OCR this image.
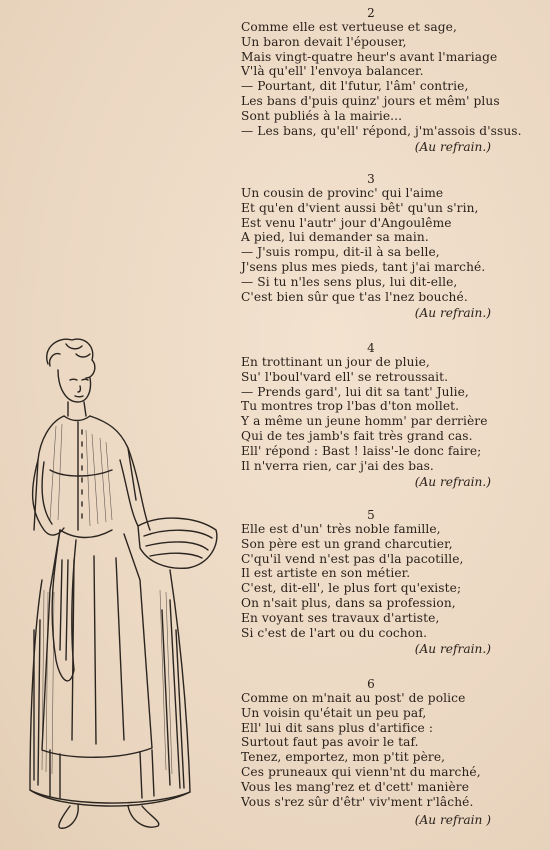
2
Comme elle est vertueuse et sage,
Un baron devait l'épouser,
Mais vingt-quatre heur's avant l'mariage
V'là qu'ell' l'envoya balancer.
— Pourtant, dit l'futur, l'âm' contrie,
Les bans d'puis quinz' jours et mêm' plus
Sont publiés à la mairie...
— Les bans, qu'ell' répond, j'm'assois d'ssus.
(Au refrain.)
3
Un cousin de provinc' qui l'aime
Et qu'en d'vient aussi bêt' qu'un s'rin,
Est venu l'autr' jour d'Angoulême
A pied, lui demander sa main.
— J'suis rompu, dit-il à sa belle,
J'sens plus mes pieds, tant j'ai marché.
— Si tu n'les sens plus, lui dit-elle,
C'est bien sûr que t'as l'nez bouché.
(Au refrain.)
4
En trottinant un jour de pluie,
Su' l'boul'vard ell' se retroussait.
— Prends gard', lui dit sa tant' Julie,
Tu montres trop l'bas d'ton mollet.
Y a même un jeune homm' par derrière
Qui de tes jamb's fait très grand cas.
Ell' répond : Bast ! laiss'-le donc faire;
Il n'verra rien, car j'ai des bas.
(Au refrain.)
5
Elle est d'un' très noble famille,
Son père est un grand charcutier,
C'qu'il vend n'est pas d'la pacotille,
Il est artiste en son métier.
C'est, dit-ell', le plus fort qu'existe;
On n'sait plus, dans sa profession,
En voyant ses travaux d'artiste,
Si c'est de l'art ou du cochon.
(Au refrain.)
6
Comme on m'nait au post' de police
Un voisin qu'était un peu paf,
Ell' lui dit sans plus d'artifice :
Surtout faut pas avoir le taf.
Tenez, emportez, mon p'tit père,
Ces pruneaux qui vienn'nt du marché,
Vous les mang'rez et d'cett' manière
Vous s'rez sûr d'êtr' viv'ment r'lâché.
(Au refrain )
